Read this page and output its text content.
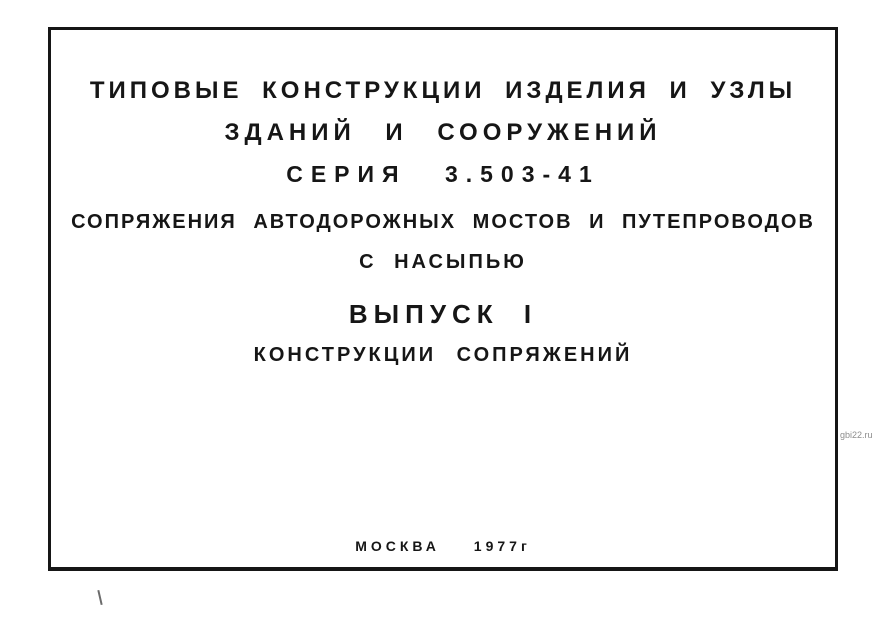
ТИПОВЫЕ КОНСТРУКЦИИ ИЗДЕЛИЯ И УЗЛЫ
ЗДАНИЙ И СООРУЖЕНИЙ
СЕРИЯ 3.503-41
СОПРЯЖЕНИЯ АВТОДОРОЖНЫХ МОСТОВ И ПУТЕПРОВОДОВ
С НАСЫПЬЮ
ВЫПУСК I
КОНСТРУКЦИИ СОПРЯЖЕНИЙ
МОСКВА 1977г
gbi22.ru
